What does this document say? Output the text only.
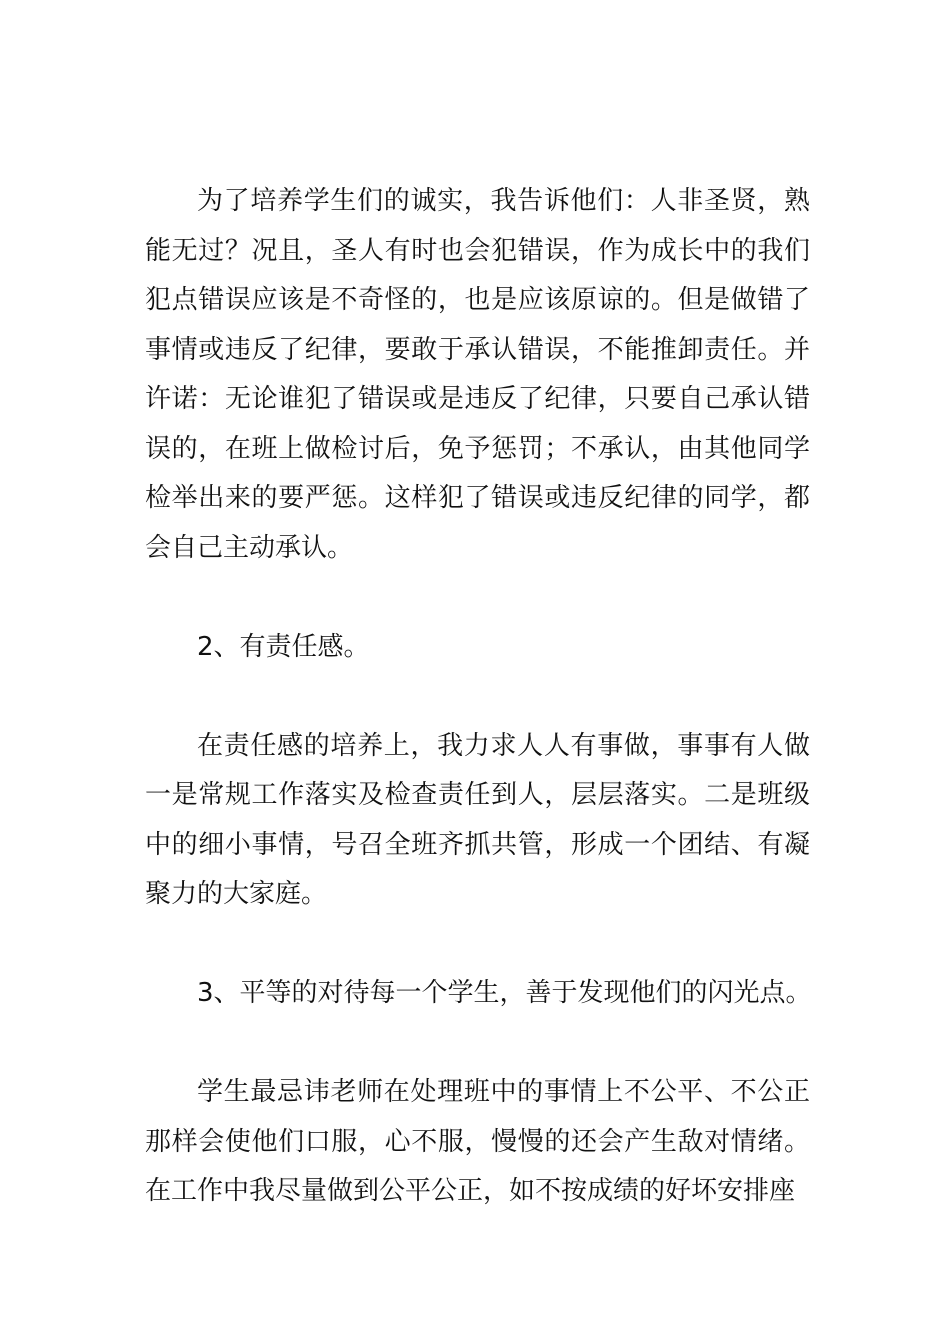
为了培养学生们的诚实，我告诉他们：人非圣贤，熟能无过？况且，圣人有时也会犯错误，作为成长中的我们犯点错误应该是不奇怪的，也是应该原谅的。但是做错了事情或违反了纪律，要敢于承认错误，不能推卸责任。并许诺：无论谁犯了错误或是违反了纪律，只要自己承认错误的，在班上做检讨后，免予惩罚；不承认，由其他同学检举出来的要严惩。这样犯了错误或违反纪律的同学，都会自己主动承认。

2、有责任感。

在责任感的培养上，我力求人人有事做，事事有人做一是常规工作落实及检查责任到人，层层落实。二是班级中的细小事情，号召全班齐抓共管，形成一个团结、有凝聚力的大家庭。

3、平等的对待每一个学生，善于发现他们的闪光点。

学生最忌讳老师在处理班中的事情上不公平、不公正那样会使他们口服，心不服，慢慢的还会产生敌对情绪。在工作中我尽量做到公平公正，如不按成绩的好坏安排座
